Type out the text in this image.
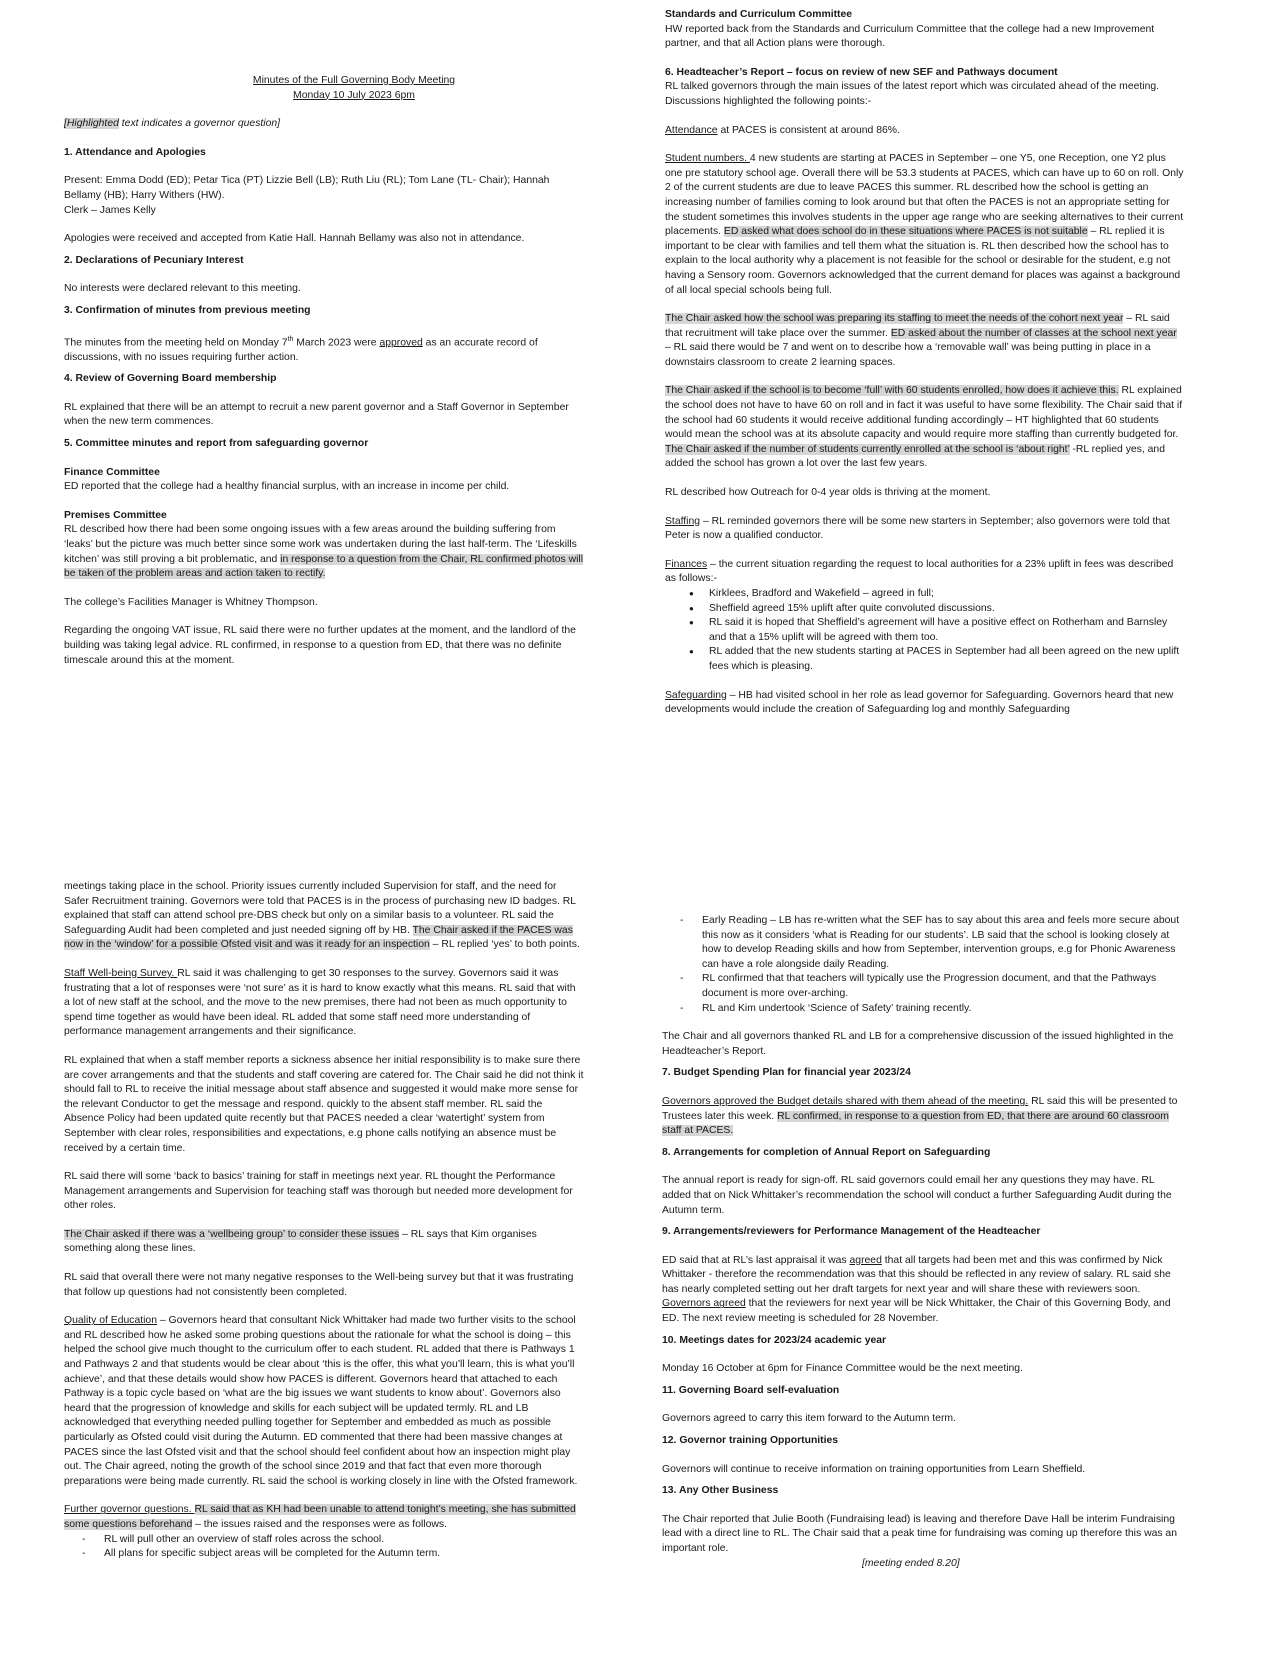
Minutes of the Full Governing Body Meeting

Monday 10 July 2023 6pm

[Highlighted text indicates a governor question]

1. Attendance and Apologies

Present: Emma Dodd (ED); Petar Tica (PT) Lizzie Bell (LB); Ruth Liu (RL); Tom Lane (TL- Chair); Hannah Bellamy (HB); Harry Withers (HW).

Clerk – James Kelly

Apologies were received and accepted from Katie Hall. Hannah Bellamy was also not in attendance.

2. Declarations of Pecuniary Interest

No interests were declared relevant to this meeting.

3. Confirmation of minutes from previous meeting

The minutes from the meeting held on Monday 7th March 2023 were approved as an accurate record of discussions, with no issues requiring further action.

4. Review of Governing Board membership

RL explained that there will be an attempt to recruit a new parent governor and a Staff Governor in September when the new term commences.

5. Committee minutes and report from safeguarding governor

Finance Committee

ED reported that the college had a healthy financial surplus, with an increase in income per child.

Premises Committee

RL described how there had been some ongoing issues with a few areas around the building suffering from ‘leaks’ but the picture was much better since some work was undertaken during the last half-term. The ‘Lifeskills kitchen’ was still proving a bit problematic, and in response to a question from the Chair, RL confirmed photos will be taken of the problem areas and action taken to rectify.

The college’s Facilities Manager is Whitney Thompson.

Regarding the ongoing VAT issue, RL said there were no further updates at the moment, and the landlord of the building was taking legal advice. RL confirmed, in response to a question from ED, that there was no definite timescale around this at the moment.

Standards and Curriculum Committee

HW reported back from the Standards and Curriculum Committee that the college had a new Improvement partner, and that all Action plans were thorough.

6. Headteacher’s Report – focus on review of new SEF and Pathways document

RL talked governors through the main issues of the latest report which was circulated ahead of the meeting. Discussions highlighted the following points:-

Attendance at PACES is consistent at around 86%.

Student numbers. 4 new students are starting at PACES in September – one Y5, one Reception, one Y2 plus one pre statutory school age. Overall there will be 53.3 students at PACES, which can have up to 60 on roll. Only 2 of the current students are due to leave PACES this summer. RL described how the school is getting an increasing number of families coming to look around but that often the PACES is not an appropriate setting for the student sometimes this involves students in the upper age range who are seeking alternatives to their current placements. ED asked what does school do in these situations where PACES is not suitable – RL replied it is important to be clear with families and tell them what the situation is. RL then described how the school has to explain to the local authority why a placement is not feasible for the school or desirable for the student, e.g not having a Sensory room. Governors acknowledged that the current demand for places was against a background of all local special schools being full.

The Chair asked how the school was preparing its staffing to meet the needs of the cohort next year – RL said that recruitment will take place over the summer. ED asked about the number of classes at the school next year – RL said there would be 7 and went on to describe how a ‘removable wall’ was being putting in place in a downstairs classroom to create 2 learning spaces.

The Chair asked if the school is to become ‘full’ with 60 students enrolled, how does it achieve this. RL explained the school does not have to have 60 on roll and in fact it was useful to have some flexibility. The Chair said that if the school had 60 students it would receive additional funding accordingly – HT highlighted that 60 students would mean the school was at its absolute capacity and would require more staffing than currently budgeted for. The Chair asked if the number of students currently enrolled at the school is ‘about right’ -RL replied yes, and added the school has grown a lot over the last few years.

RL described how Outreach for 0-4 year olds is thriving at the moment.

Staffing – RL reminded governors there will be some new starters in September; also governors were told that Peter is now a qualified conductor.

Finances – the current situation regarding the request to local authorities for a 23% uplift in fees was described as follows:-

● Kirklees, Bradford and Wakefield – agreed in full;
● Sheffield agreed 15% uplift after quite convoluted discussions.
● RL said it is hoped that Sheffield’s agreement will have a positive effect on Rotherham and Barnsley and that a 15% uplift will be agreed with them too.
● RL added that the new students starting at PACES in September had all been agreed on the new uplift fees which is pleasing.

Safeguarding – HB had visited school in her role as lead governor for Safeguarding. Governors heard that new developments would include the creation of Safeguarding log and monthly Safeguarding

meetings taking place in the school. Priority issues currently included Supervision for staff, and the need for Safer Recruitment training. Governors were told that PACES is in the process of purchasing new ID badges. RL explained that staff can attend school pre-DBS check but only on a similar basis to a volunteer. RL said the Safeguarding Audit had been completed and just needed signing off by HB. The Chair asked if the PACES was now in the ‘window’ for a possible Ofsted visit and was it ready for an inspection – RL replied ‘yes’ to both points.

Staff Well-being Survey. RL said it was challenging to get 30 responses to the survey. Governors said it was frustrating that a lot of responses were ‘not sure’ as it is hard to know exactly what this means. RL said that with a lot of new staff at the school, and the move to the new premises, there had not been as much opportunity to spend time together as would have been ideal. RL added that some staff need more understanding of performance management arrangements and their significance.

RL explained that when a staff member reports a sickness absence her initial responsibility is to make sure there are cover arrangements and that the students and staff covering are catered for. The Chair said he did not think it should fall to RL to receive the initial message about staff absence and suggested it would make more sense for the relevant Conductor to get the message and respond. quickly to the absent staff member. RL said the Absence Policy had been updated quite recently but that PACES needed a clear ‘watertight’ system from September with clear roles, responsibilities and expectations, e.g phone calls notifying an absence must be received by a certain time.

RL said there will some ‘back to basics’ training for staff in meetings next year. RL thought the Performance Management arrangements and Supervision for teaching staff was thorough but needed more development for other roles.

The Chair asked if there was a ‘wellbeing group’ to consider these issues – RL says that Kim organises something along these lines.

RL said that overall there were not many negative responses to the Well-being survey but that it was frustrating that follow up questions had not consistently been completed.

Quality of Education – Governors heard that consultant Nick Whittaker had made two further visits to the school and RL described how he asked some probing questions about the rationale for what the school is doing – this helped the school give much thought to the curriculum offer to each student. RL added that there is Pathways 1 and Pathways 2 and that students would be clear about ‘this is the offer, this what you’ll learn, this is what you’ll achieve’, and that these details would show how PACES is different. Governors heard that attached to each Pathway is a topic cycle based on ‘what are the big issues we want students to know about’. Governors also heard that the progression of knowledge and skills for each subject will be updated termly. RL and LB acknowledged that everything needed pulling together for September and embedded as much as possible particularly as Ofsted could visit during the Autumn. ED commented that there had been massive changes at PACES since the last Ofsted visit and that the school should feel confident about how an inspection might play out. The Chair agreed, noting the growth of the school since 2019 and that fact that even more thorough preparations were being made currently. RL said the school is working closely in line with the Ofsted framework.

Further governor questions. RL said that as KH had been unable to attend tonight’s meeting, she has submitted some questions beforehand – the issues raised and the responses were as follows.

- RL will pull other an overview of staff roles across the school.
- All plans for specific subject areas will be completed for the Autumn term.
- Early Reading – LB has re-written what the SEF has to say about this area and feels more secure about this now as it considers ‘what is Reading for our students’. LB said that the school is looking closely at how to develop Reading skills and how from September, intervention groups, e.g for Phonic Awareness can have a role alongside daily Reading.
- RL confirmed that that teachers will typically use the Progression document, and that the Pathways document is more over-arching.
- RL and Kim undertook ‘Science of Safety’ training recently.

The Chair and all governors thanked RL and LB for a comprehensive discussion of the issued highlighted in the Headteacher’s Report.

7. Budget Spending Plan for financial year 2023/24

Governors approved the Budget details shared with them ahead of the meeting. RL said this will be presented to Trustees later this week. RL confirmed, in response to a question from ED, that there are around 60 classroom staff at PACES.

8. Arrangements for completion of Annual Report on Safeguarding

The annual report is ready for sign-off. RL said governors could email her any questions they may have. RL added that on Nick Whittaker’s recommendation the school will conduct a further Safeguarding Audit during the Autumn term.

9. Arrangements/reviewers for Performance Management of the Headteacher

ED said that at RL’s last appraisal it was agreed that all targets had been met and this was confirmed by Nick Whittaker - therefore the recommendation was that this should be reflected in any review of salary. RL said she has nearly completed setting out her draft targets for next year and will share these with reviewers soon. Governors agreed that the reviewers for next year will be Nick Whittaker, the Chair of this Governing Body, and ED. The next review meeting is scheduled for 28 November.

10. Meetings dates for 2023/24 academic year

Monday 16 October at 6pm for Finance Committee would be the next meeting.

11. Governing Board self-evaluation

Governors agreed to carry this item forward to the Autumn term.

12. Governor training Opportunities

Governors will continue to receive information on training opportunities from Learn Sheffield.

13. Any Other Business

The Chair reported that Julie Booth (Fundraising lead) is leaving and therefore Dave Hall be interim Fundraising lead with a direct line to RL. The Chair said that a peak time for fundraising was coming up therefore this was an important role.

[meeting ended 8.20]
